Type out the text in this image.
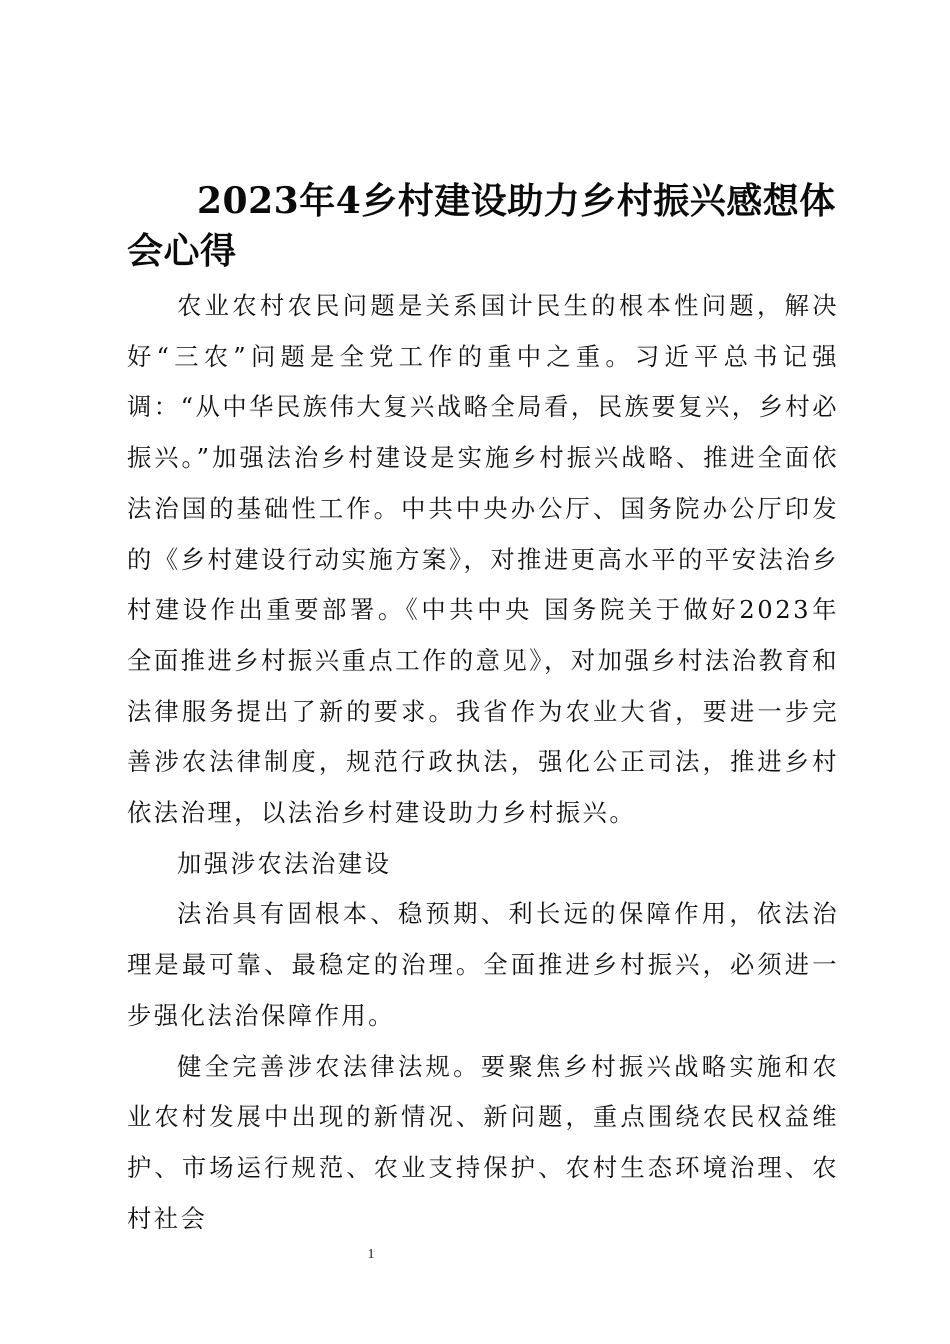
2023年4乡村建设助力乡村振兴感想体会心得

农业农村农民问题是关系国计民生的根本性问题，解决好“三农”问题是全党工作的重中之重。习近平总书记强调：“从中华民族伟大复兴战略全局看，民族要复兴，乡村必振兴。”加强法治乡村建设是实施乡村振兴战略、推进全面依法治国的基础性工作。中共中央办公厅、国务院办公厅印发的《乡村建设行动实施方案》，对推进更高水平的平安法治乡村建设作出重要部署。《中共中央 国务院关于做好2023年全面推进乡村振兴重点工作的意见》，对加强乡村法治教育和法律服务提出了新的要求。我省作为农业大省，要进一步完善涉农法律制度，规范行政执法，强化公正司法，推进乡村依法治理，以法治乡村建设助力乡村振兴。

加强涉农法治建设

法治具有固根本、稳预期、利长远的保障作用，依法治理是最可靠、最稳定的治理。全面推进乡村振兴，必须进一步强化法治保障作用。

健全完善涉农法律法规。要聚焦乡村振兴战略实施和农业农村发展中出现的新情况、新问题，重点围绕农民权益维护、市场运行规范、农业支持保护、农村生态环境治理、农村社会

1
